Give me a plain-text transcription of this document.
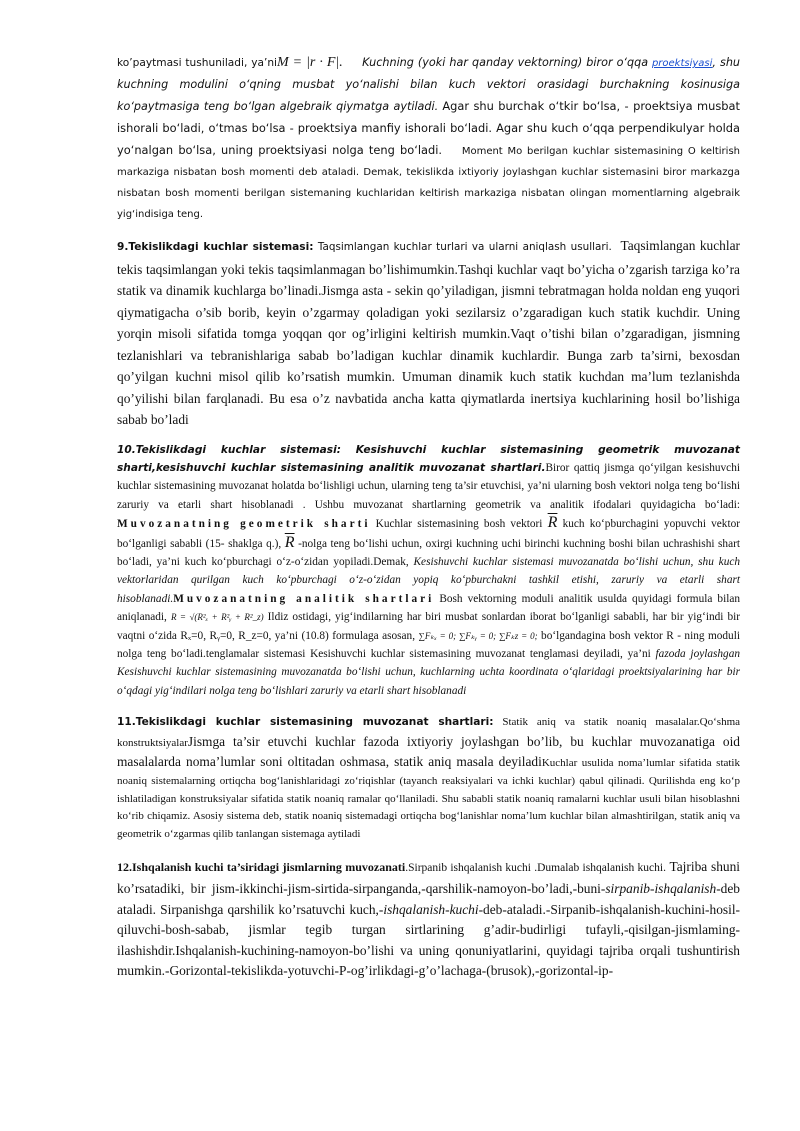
ko’paytmasi tushuniladi, ya’niM = |r · F|. Kuchning (yoki har qanday vektorning) biror o‘qqa proektsiyasi, shu kuchning modulini o‘qning musbat yo‘nalishi bilan kuch vektori orasidagi burchakning kosinusiga ko‘paytmasiga teng bo‘lgan algebraik qiymatga aytiladi. Agar shu burchak o‘tkir bo‘lsa, - proektsiya musbat ishorali bo‘ladi, o‘tmas bo‘lsa - proektsiya manfiy ishorali bo‘ladi. Agar shu kuch o‘qqa perpendikulyar holda yo‘nalgan bo‘lsa, uning proektsiyasi nolga teng bo‘ladi. Moment Mo berilgan kuchlar sistemasining O keltirish markaziga nisbatan bosh momenti deb ataladi. Demak, tekislikda ixtiyoriy joylashgan kuchlar sistemasini biror markazga nisbatan bosh momenti berilgan sistemaning kuchlaridan keltirish markaziga nisbatan olingan momentlarning algebraik yig‘indisiga teng.

9.Tekislikdagi kuchlar sistemasi: Taqsimlangan kuchlar turlari va ularni aniqlash usullari. Taqsimlangan kuchlar tekis taqsimlangan yoki tekis taqsimlanmagan bo’lishimumkin.Tashqi kuchlar vaqt bo’yicha o’zgarish tarziga ko’ra statik va dinamik kuchlarga bo’linadi.Jismga asta - sekin qo’yiladigan, jismni tebratmagan holda noldan eng yuqori qiymatigacha o’sib borib, keyin o’zgarmay qoladigan yoki sezilarsiz o’zgaradigan kuch statik kuchdir. Uning yorqin misoli sifatida tomga yoqqan qor og’irligini keltirish mumkin.Vaqt o’tishi bilan o’zgaradigan, jismning tezlanishlari va tebranishlariga sabab bo’ladigan kuchlar dinamik kuchlardir. Bunga zarb ta’sirni, bexosdan qo’yilgan kuchni misol qilib ko’rsatish mumkin. Umuman dinamik kuch statik kuchdan ma’lum tezlanishda qo’yilishi bilan farqlanadi. Bu esa o’z navbatida ancha katta qiymatlarda inertsiya kuchlarining hosil bo’lishiga sabab bo’ladi

10.Tekislikdagi kuchlar sistemasi: Kesishuvchi kuchlar sistemasining geometrik muvozanat sharti,kesishuvchi kuchlar sistemasining analitik muvozanat shartlari.Biror qattiq jismga qo‘yilgan kesishuvchi kuchlar sistemasining muvozanat holatda bo‘lishligi uchun, ularning teng ta’sir etuvchisi, ya’ni ularning bosh vektori nolga teng bo‘lishi zaruriy va etarli shart hisoblanadi . Ushbu muvozanat shartlarning geometrik va analitik ifodalari quyidagicha bo‘ladi: Muvozanatning geometrik sharti Kuchlar sistemasining bosh vektori $\overline{R}$ kuch ko‘pburchagini yopuvchi vektor bo‘lganligi sababli (15- shaklga q.), $\overline{R}$ -nolga teng bo‘lishi uchun, oxirgi kuchning uchi birinchi kuchning boshi bilan uchrashishi shart bo‘ladi, ya’ni kuch ko‘pburchagi o‘z-o‘zidan yopiladi.Demak, Kesishuvchi kuchlar sistemasi muvozanatda bo‘lishi uchun, shu kuch vektorlaridan qurilgan kuch ko‘pburchagi o‘z-o‘zidan yopiq ko‘pburchakni tashkil etishi, zaruriy va etarli shart hisoblanadi.Muvozanatning analitik shartlari Bosh vektorning moduli analitik usulda quyidagi formula bilan aniqlanadi, R = √(R²ₓ + R²ᵧ + R²_z) Ildiz ostidagi, yig‘indilarning har biri musbat sonlardan iborat bo‘lganligi sababli, har bir yig‘indi bir vaqtni o‘zida Rₓ=0, Rᵧ=0, R_z=0, ya’ni (10.8) formulaga asosan, ∑Fₖₓ = 0; ∑Fₖᵧ = 0; ∑Fₖz = 0; bo‘lgandagina bosh vektor R - ning moduli nolga teng bo‘ladi.tenglamalar sistemasi Kesishuvchi kuchlar sistemasining muvozanat tenglamasi deyiladi, ya’ni fazoda joylashgan Kesishuvchi kuchlar sistemasining muvozanatda bo‘lishi uchun, kuchlarning uchta koordinata o‘qlaridagi proektsiyalarining har bir o‘qdagi yig‘indilari nolga teng bo‘lishlari zaruriy va etarli shart hisoblanadi

11.Tekislikdagi kuchlar sistemasining muvozanat shartlari: Statik aniq va statik noaniq masalalar.Qo‘shma konstruktsiyalarJismga ta’sir etuvchi kuchlar fazoda ixtiyoriy joylashgan bo’lib, bu kuchlar muvozanatiga oid masalalarda noma’lumlar soni oltitadan oshmasa, statik aniq masala deyiladiKuchlar usulida noma’lumlar sifatida statik noaniq sistemalarning ortiqcha bog‘lanishlaridagi zo‘riqishlar (tayanch reaksiyalari va ichki kuchlar) qabul qilinadi. Qurilishda eng ko‘p ishlatiladigan konstruksiyalar sifatida statik noaniq ramalar qo‘llaniladi. Shu sababli statik noaniq ramalarni kuchlar usuli bilan hisoblashni ko‘rib chiqamiz. Asosiy sistema deb, statik noaniq sistemadagi ortiqcha bog‘lanishlar noma’lum kuchlar bilan almashtirilgan, statik aniq va geometrik o‘zgarmas qilib tanlangan sistemaga aytiladi

12.Ishqalanish kuchi ta’siridagi jismlarning muvozanati.Sirpanib ishqalanish kuchi .Dumalab ishqalanish kuchi. Tajriba shuni ko’rsatadiki, bir jism-ikkinchi-jism-sirtida-sirpanganda,-qarshilik-namoyon-bo’ladi,-buni-sirpanib-ishqalanish-deb ataladi. Sirpanishga qarshilik ko’rsatuvchi kuch,-ishqalanish-kuchi-deb-ataladi.-Sirpanib-ishqalanish-kuchini-hosil-qiluvchi-bosh-sabab, jismlar tegib turgan sirtlarining g’adir-budirligi tufayli,-qisilgan-jismlaming-ilashishdir.Ishqalanish-kuchining-namoyon-bo’lishi va uning qonuniyatlarini, quyidagi tajriba orqali tushuntirish mumkin.-Gorizontal-tekislikda-yotuvchi-P-og’irlikdagi-g’o’lachaga-(brusok),-gorizontal-ip-
